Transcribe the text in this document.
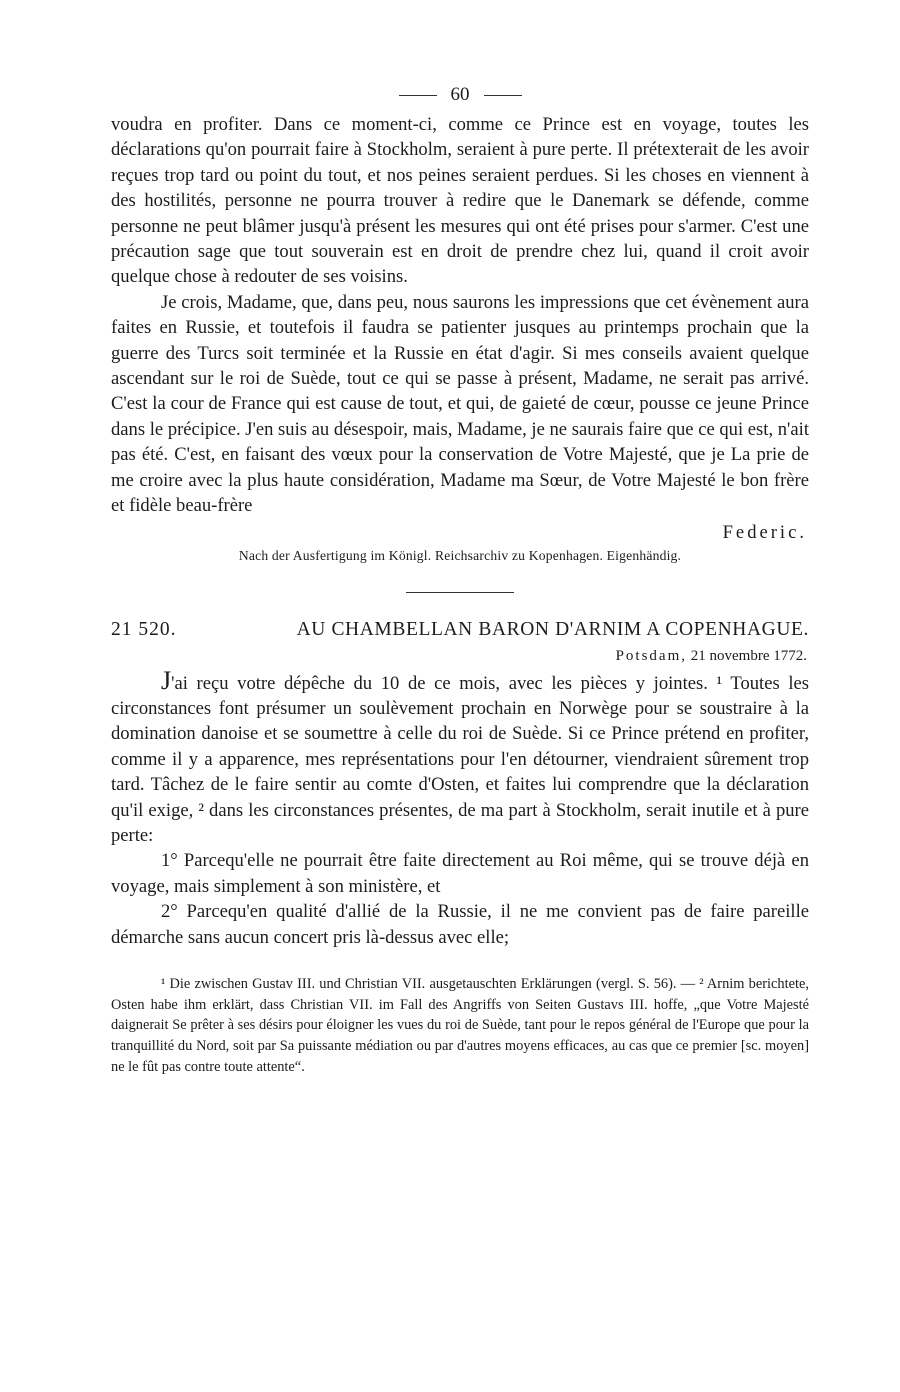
60

voudra en profiter. Dans ce moment-ci, comme ce Prince est en voyage, toutes les déclarations qu'on pourrait faire à Stockholm, seraient à pure perte. Il prétexterait de les avoir reçues trop tard ou point du tout, et nos peines seraient perdues. Si les choses en viennent à des hostilités, personne ne pourra trouver à redire que le Danemark se défende, comme personne ne peut blâmer jusqu'à présent les mesures qui ont été prises pour s'armer. C'est une précaution sage que tout souverain est en droit de prendre chez lui, quand il croit avoir quelque chose à redouter de ses voisins.

Je crois, Madame, que, dans peu, nous saurons les impressions que cet évènement aura faites en Russie, et toutefois il faudra se patienter jusques au printemps prochain que la guerre des Turcs soit terminée et la Russie en état d'agir. Si mes conseils avaient quelque ascendant sur le roi de Suède, tout ce qui se passe à présent, Madame, ne serait pas arrivé. C'est la cour de France qui est cause de tout, et qui, de gaieté de cœur, pousse ce jeune Prince dans le précipice. J'en suis au désespoir, mais, Madame, je ne saurais faire que ce qui est, n'ait pas été. C'est, en faisant des vœux pour la conservation de Votre Majesté, que je La prie de me croire avec la plus haute considération, Madame ma Sœur, de Votre Majesté le bon frère et fidèle beau-frère

Federic.

Nach der Ausfertigung im Königl. Reichsarchiv zu Kopenhagen. Eigenhändig.

21 520.	AU CHAMBELLAN BARON D'ARNIM A COPENHAGUE.

Potsdam, 21 novembre 1772.

J'ai reçu votre dépêche du 10 de ce mois, avec les pièces y jointes. ¹ Toutes les circonstances font présumer un soulèvement prochain en Norwège pour se soustraire à la domination danoise et se soumettre à celle du roi de Suède. Si ce Prince prétend en profiter, comme il y a apparence, mes représentations pour l'en détourner, viendraient sûrement trop tard. Tâchez de le faire sentir au comte d'Osten, et faites lui comprendre que la déclaration qu'il exige, ² dans les circonstances présentes, de ma part à Stockholm, serait inutile et à pure perte:

1° Parcequ'elle ne pourrait être faite directement au Roi même, qui se trouve déjà en voyage, mais simplement à son ministère, et

2° Parcequ'en qualité d'allié de la Russie, il ne me convient pas de faire pareille démarche sans aucun concert pris là-dessus avec elle;

¹ Die zwischen Gustav III. und Christian VII. ausgetauschten Erklärungen (vergl. S. 56). — ² Arnim berichtete, Osten habe ihm erklärt, dass Christian VII. im Fall des Angriffs von Seiten Gustavs III. hoffe, „que Votre Majesté daignerait Se prêter à ses désirs pour éloigner les vues du roi de Suède, tant pour le repos général de l'Europe que pour la tranquillité du Nord, soit par Sa puissante médiation ou par d'autres moyens efficaces, au cas que ce premier [sc. moyen] ne le fût pas contre toute attente“.
